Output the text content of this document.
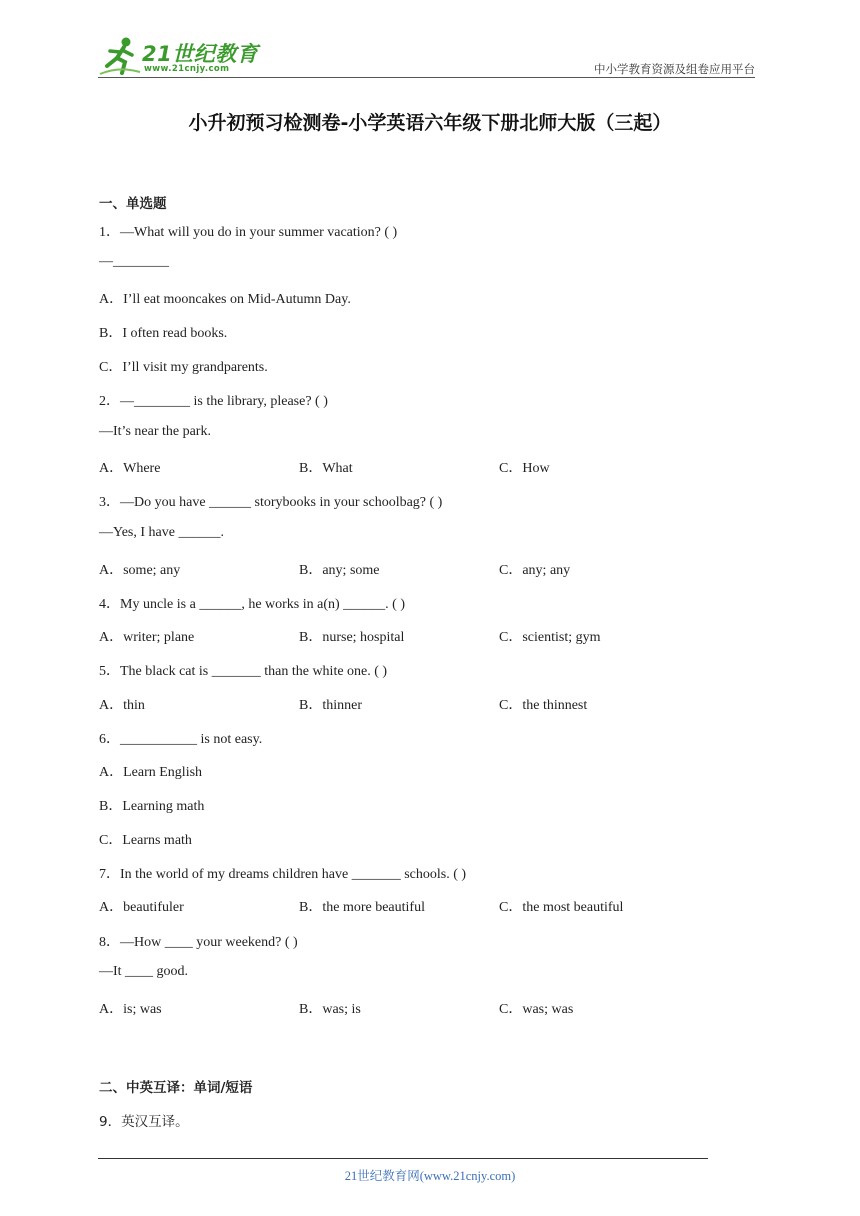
21世纪教育
www.21cnjy.com	中小学教育资源及组卷应用平台
小升初预习检测卷-小学英语六年级下册北师大版（三起）
一、单选题
1．—What will you do in your summer vacation? ( )
—________
A．I’ll eat mooncakes on Mid-Autumn Day.
B．I often read books.
C．I’ll visit my grandparents.
2．—________ is the library, please? ( )
—It’s near the park.
A．Where	B．What	C．How
3．—Do you have ______ storybooks in your schoolbag? ( )
—Yes, I have ______.
A．some; any	B．any; some	C．any; any
4．My uncle is a ______, he works in a(n) ______. ( )
A．writer; plane	B．nurse; hospital	C．scientist; gym
5．The black cat is _______ than the white one. ( )
A．thin	B．thinner	C．the thinnest
6．___________ is not easy.
A．Learn English
B．Learning math
C．Learns math
7．In the world of my dreams children have _______ schools. ( )
A．beautifuler	B．the more beautiful	C．the most beautiful
8．—How ____ your weekend? ( )
—It ____ good.
A．is; was	B．was; is	C．was; was
二、中英互译：单词/短语
9．英汉互译。
21世纪教育网(www.21cnjy.com)
